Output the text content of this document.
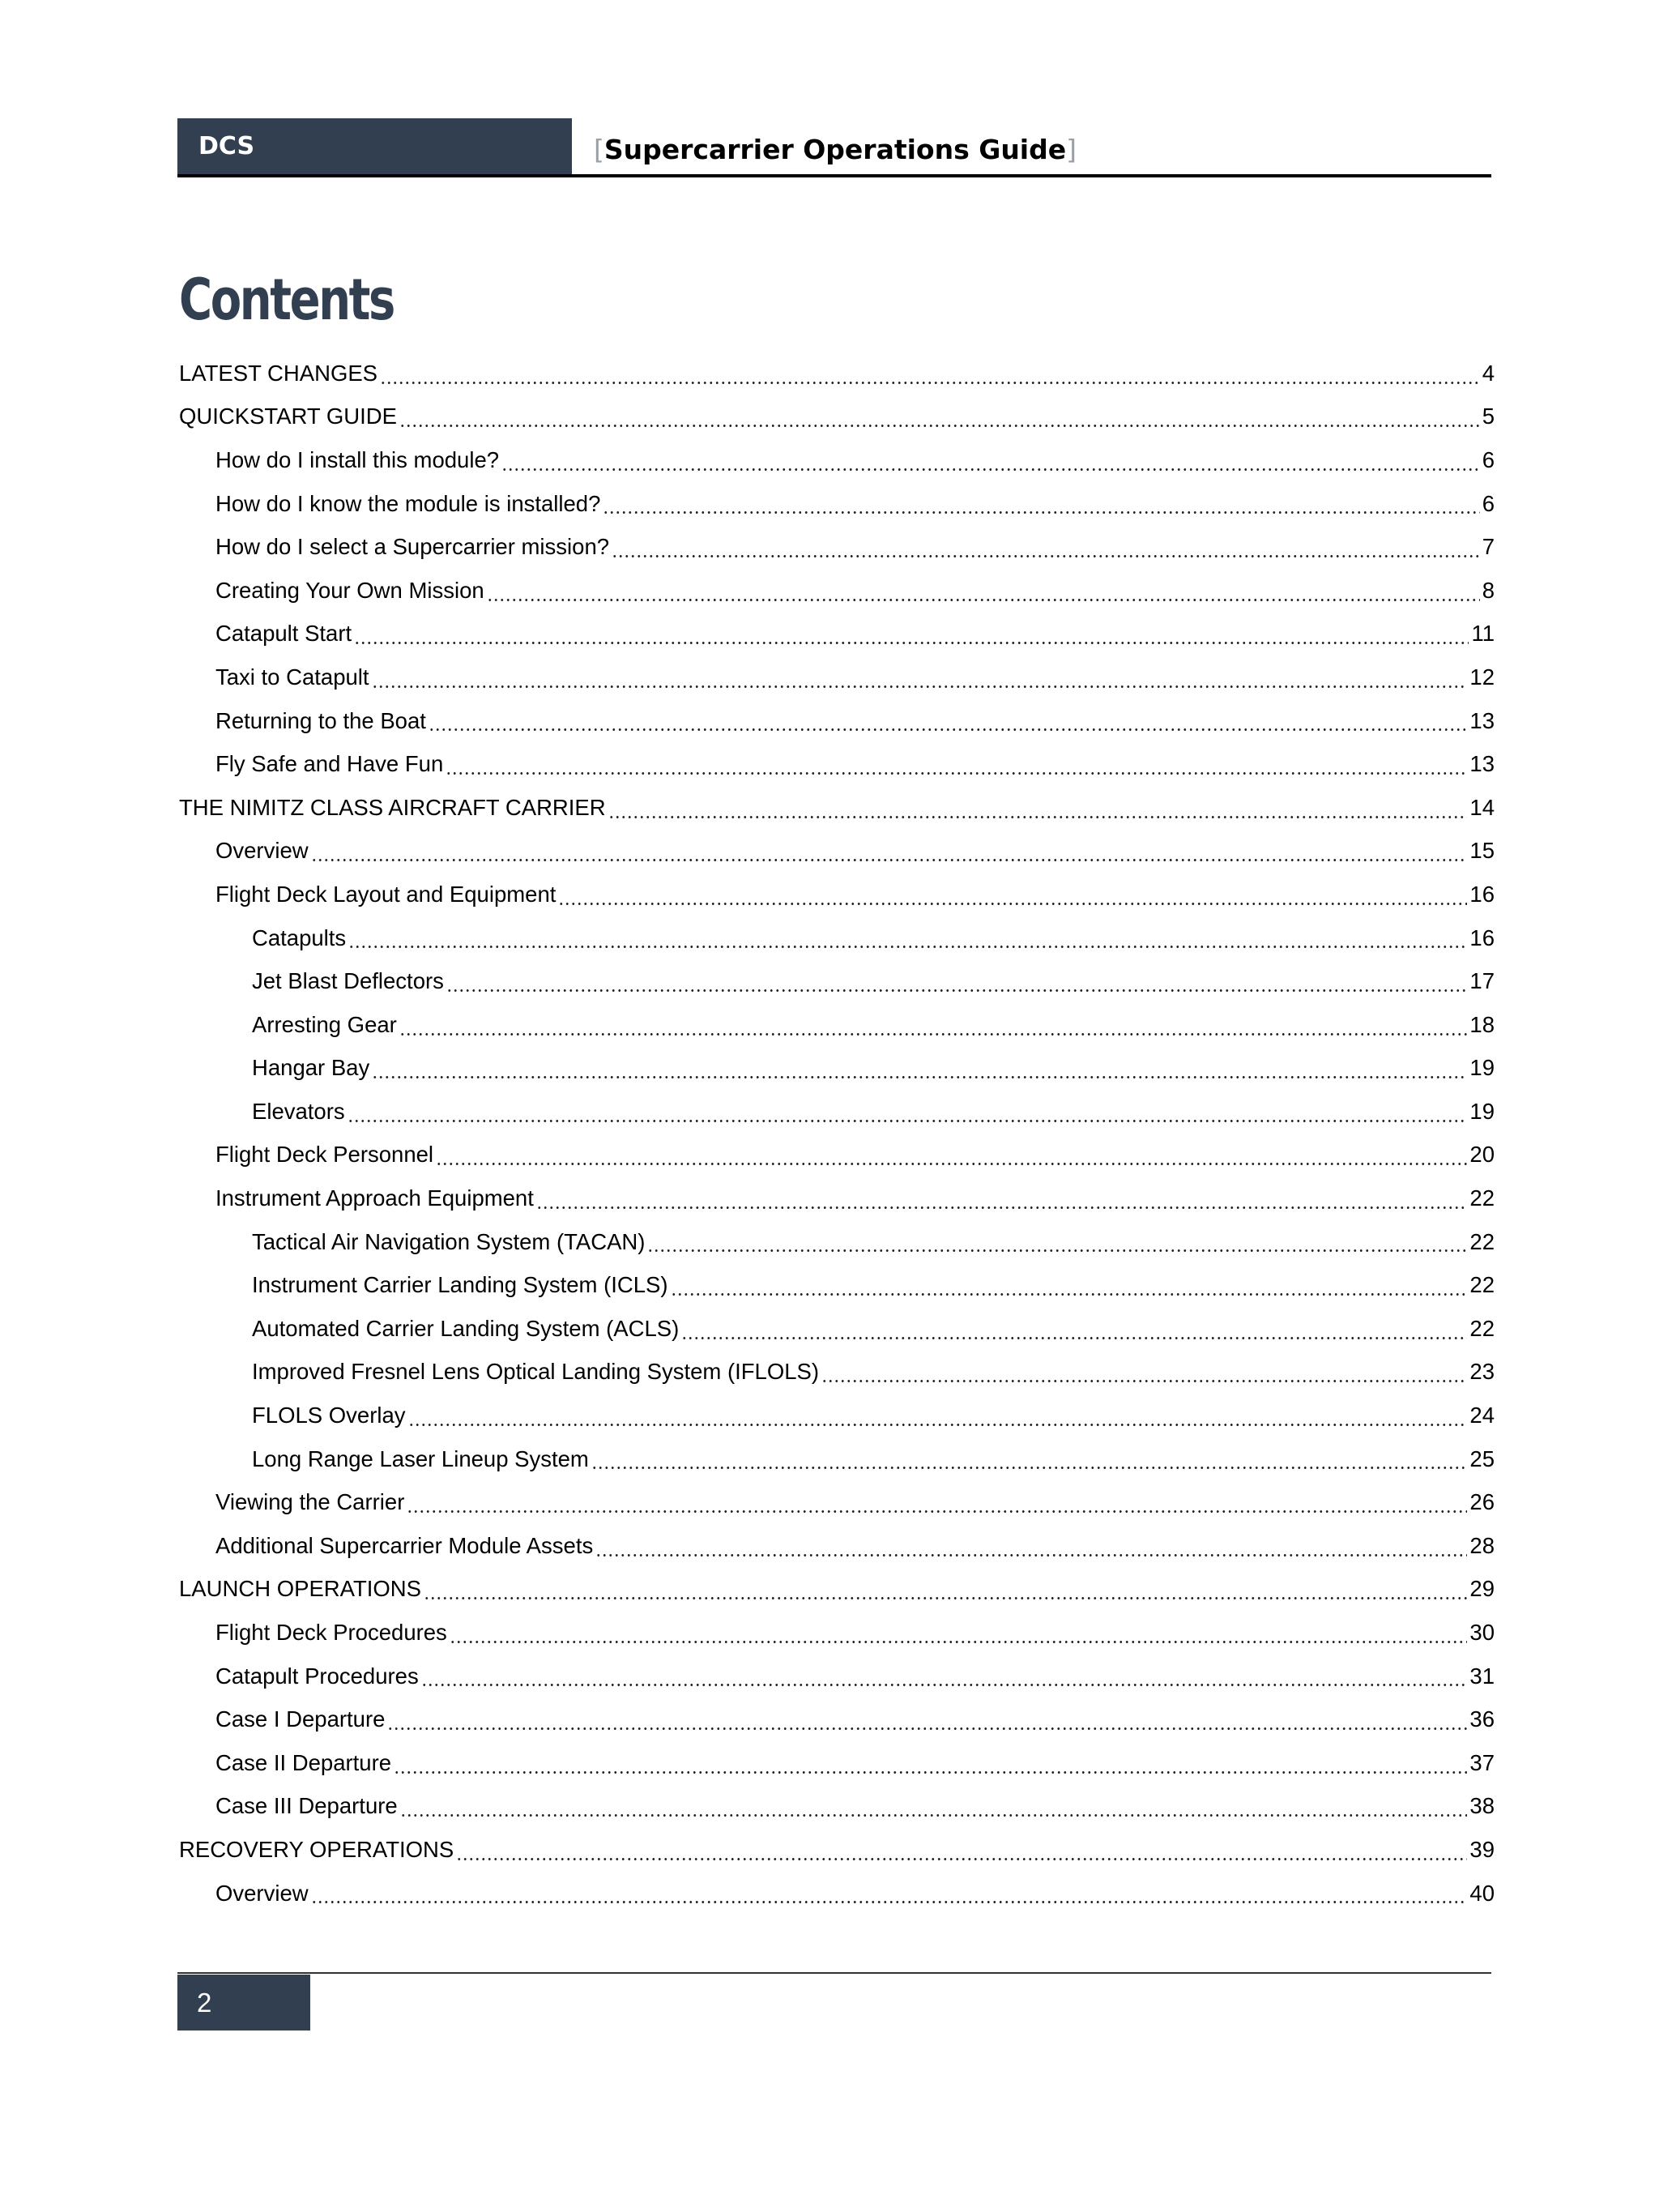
DCS	[Supercarrier Operations Guide]
Contents
LATEST CHANGES	4
QUICKSTART GUIDE	5
How do I install this module?	6
How do I know the module is installed?	6
How do I select a Supercarrier mission?	7
Creating Your Own Mission	8
Catapult Start	11
Taxi to Catapult	12
Returning to the Boat	13
Fly Safe and Have Fun	13
THE NIMITZ CLASS AIRCRAFT CARRIER	14
Overview	15
Flight Deck Layout and Equipment	16
Catapults	16
Jet Blast Deflectors	17
Arresting Gear	18
Hangar Bay	19
Elevators	19
Flight Deck Personnel	20
Instrument Approach Equipment	22
Tactical Air Navigation System (TACAN)	22
Instrument Carrier Landing System (ICLS)	22
Automated Carrier Landing System (ACLS)	22
Improved Fresnel Lens Optical Landing System (IFLOLS)	23
FLOLS Overlay	24
Long Range Laser Lineup System	25
Viewing the Carrier	26
Additional Supercarrier Module Assets	28
LAUNCH OPERATIONS	29
Flight Deck Procedures	30
Catapult Procedures	31
Case I Departure	36
Case II Departure	37
Case III Departure	38
RECOVERY OPERATIONS	39
Overview	40
2
